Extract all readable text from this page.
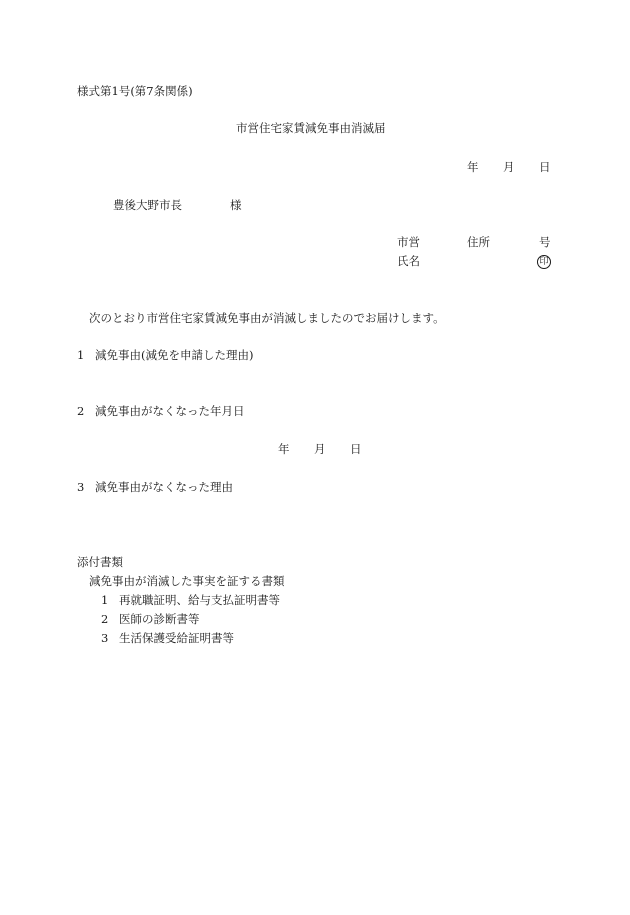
様式第1号(第7条関係)
市営住宅家賃減免事由消滅届
年 月 日
豊後大野市長	様
市営	住所	号
氏名	印
次のとおり市営住宅家賃減免事由が消滅しましたのでお届けします。
1 減免事由(減免を申請した理由)
2 減免事由がなくなった年月日
年 月 日
3 減免事由がなくなった理由
添付書類
減免事由が消滅した事実を証する書類
1 再就職証明、給与支払証明書等
2 医師の診断書等
3 生活保護受給証明書等
